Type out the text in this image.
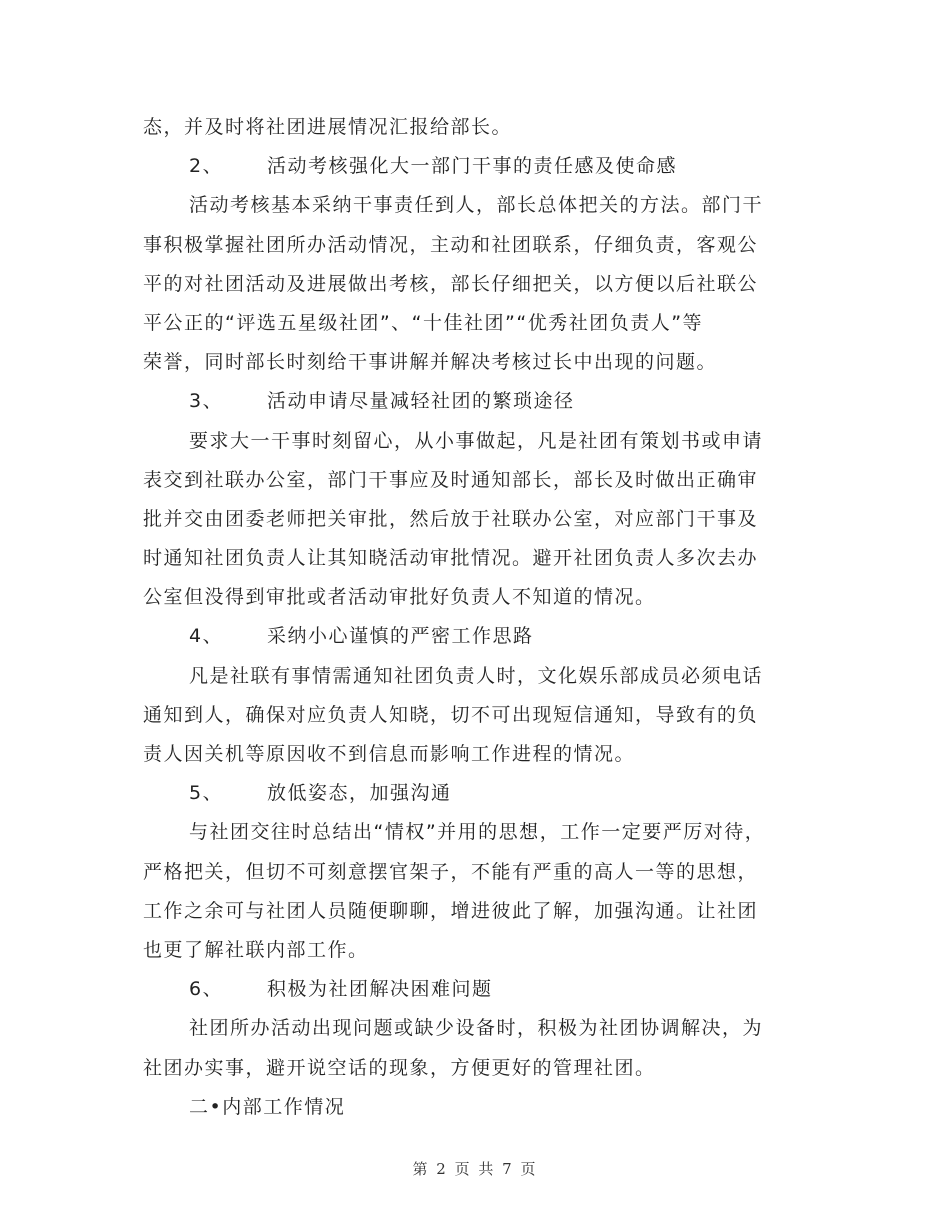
态，并及时将社团进展情况汇报给部长。
2、 活动考核强化大一部门干事的责任感及使命感
活动考核基本采纳干事责任到人，部长总体把关的方法。部门干
事积极掌握社团所办活动情况，主动和社团联系，仔细负责，客观公
平的对社团活动及进展做出考核，部长仔细把关，以方便以后社联公
平公正的“评选五星级社团”、“十佳社团”“优秀社团负责人”等
荣誉，同时部长时刻给干事讲解并解决考核过长中出现的问题。
3、 活动申请尽量减轻社团的繁琐途径
要求大一干事时刻留心，从小事做起，凡是社团有策划书或申请
表交到社联办公室，部门干事应及时通知部长，部长及时做出正确审
批并交由团委老师把关审批，然后放于社联办公室，对应部门干事及
时通知社团负责人让其知晓活动审批情况。避开社团负责人多次去办
公室但没得到审批或者活动审批好负责人不知道的情况。
4、 采纳小心谨慎的严密工作思路
凡是社联有事情需通知社团负责人时，文化娱乐部成员必须电话
通知到人，确保对应负责人知晓，切不可出现短信通知，导致有的负
责人因关机等原因收不到信息而影响工作进程的情况。
5、 放低姿态，加强沟通
与社团交往时总结出“情权”并用的思想，工作一定要严厉对待，
严格把关，但切不可刻意摆官架子，不能有严重的高人一等的思想，
工作之余可与社团人员随便聊聊，增进彼此了解，加强沟通。让社团
也更了解社联内部工作。
6、 积极为社团解决困难问题
社团所办活动出现问题或缺少设备时，积极为社团协调解决，为
社团办实事，避开说空话的现象，方便更好的管理社团。
二•内部工作情况
第 2 页 共 7 页
